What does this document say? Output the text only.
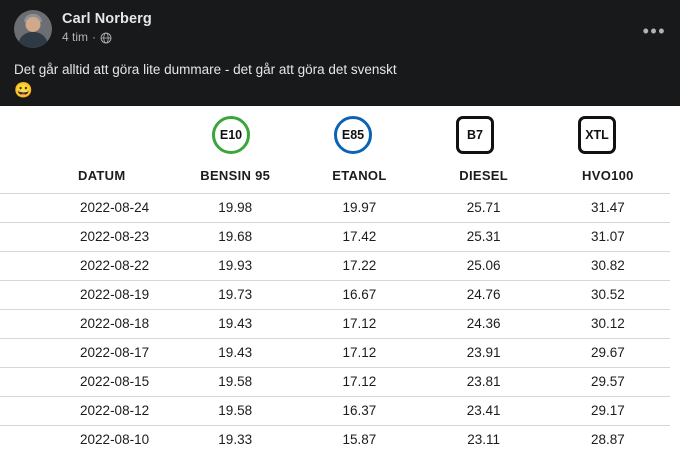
Carl Norberg
4 tim ·	•••
Det går alltid att göra lite dummare - det går att göra det svenskt
😀
E10	E85	B7	XTL
DATUM	BENSIN 95	ETANOL	DIESEL	HVO100
2022-08-24	19.98	19.97	25.71	31.47
2022-08-23	19.68	17.42	25.31	31.07
2022-08-22	19.93	17.22	25.06	30.82
2022-08-19	19.73	16.67	24.76	30.52
2022-08-18	19.43	17.12	24.36	30.12
2022-08-17	19.43	17.12	23.91	29.67
2022-08-15	19.58	17.12	23.81	29.57
2022-08-12	19.58	16.37	23.41	29.17
2022-08-10	19.33	15.87	23.11	28.87
